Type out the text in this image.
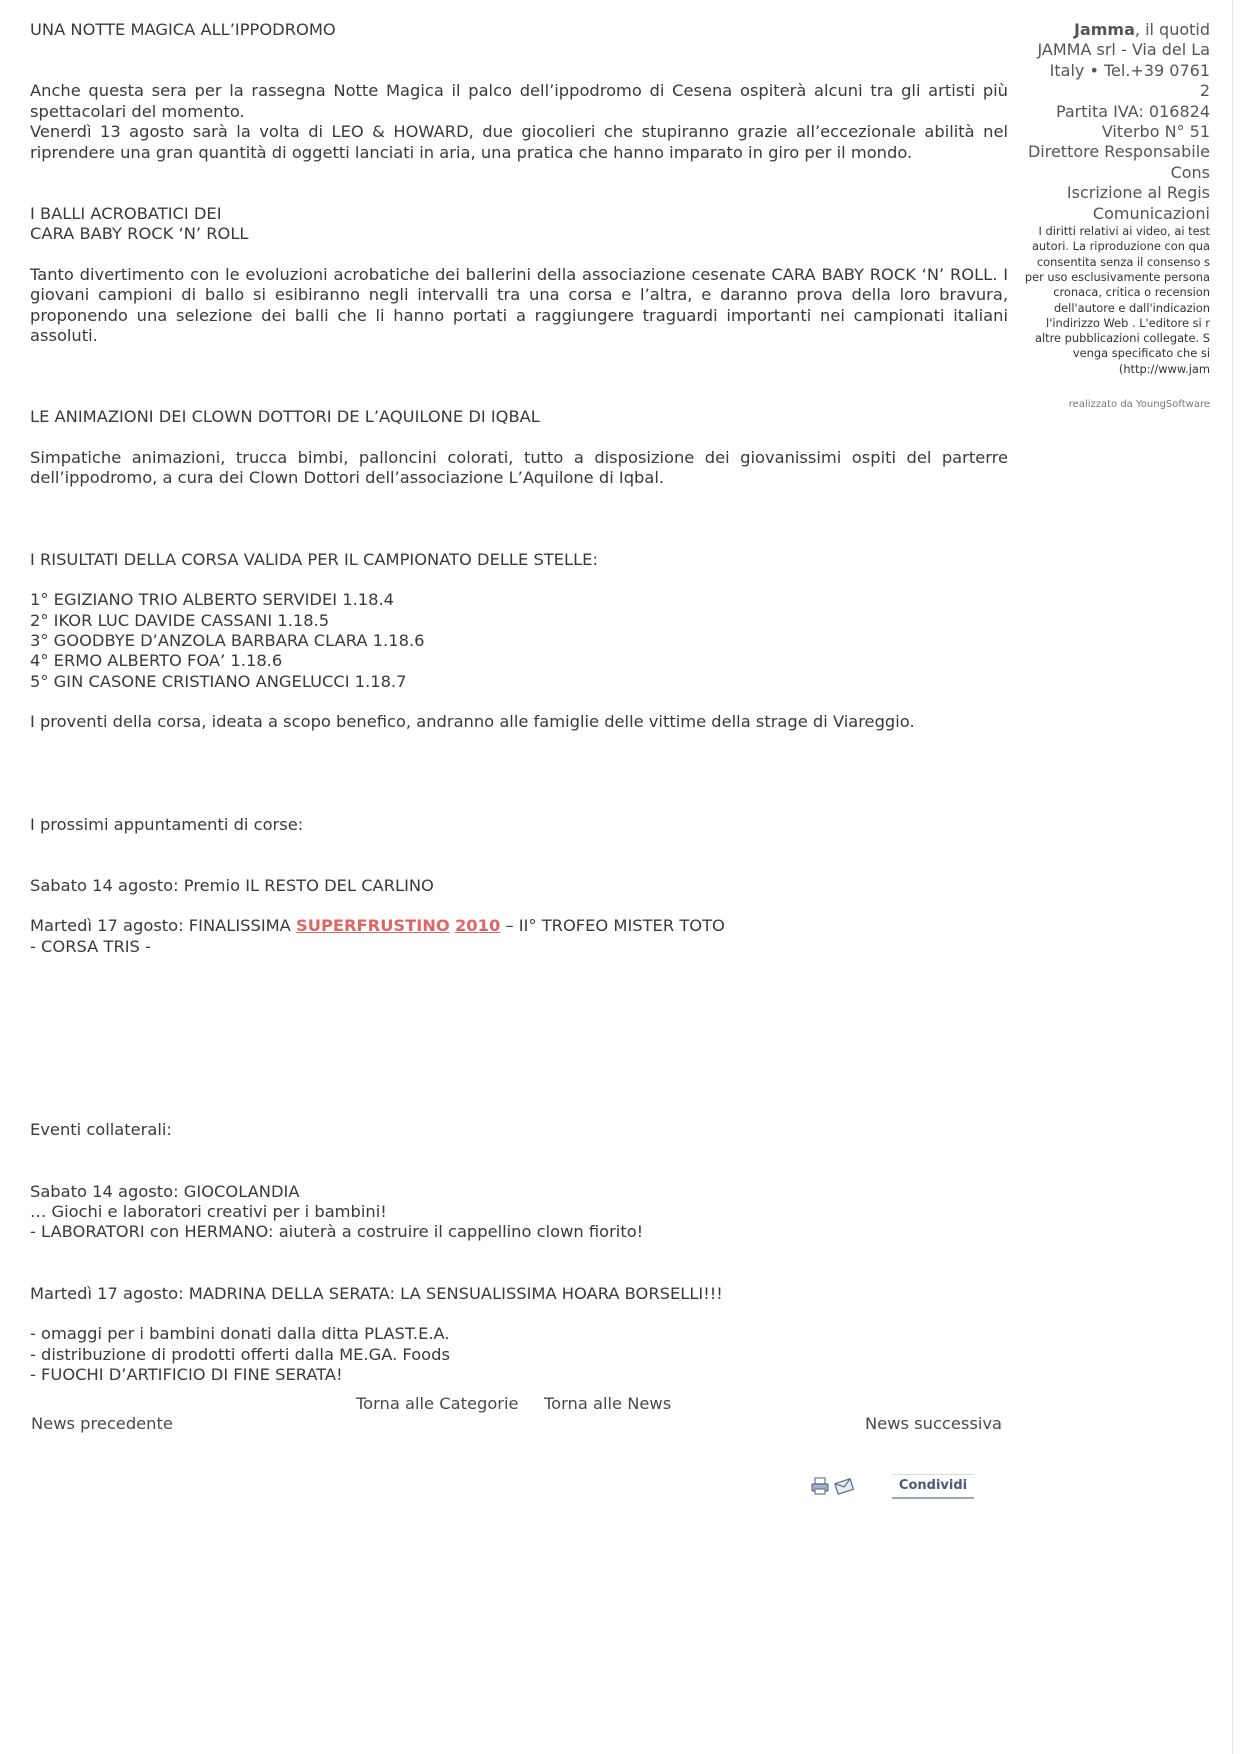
UNA NOTTE MAGICA ALL’IPPODROMO

Anche questa sera per la rassegna Notte Magica il palco dell’ippodromo di Cesena ospiterà alcuni tra gli artisti più spettacolari del momento.

Venerdì 13 agosto sarà la volta di LEO & HOWARD, due giocolieri che stupiranno grazie all’eccezionale abilità nel riprendere una gran quantità di oggetti lanciati in aria, una pratica che hanno imparato in giro per il mondo.

I BALLI ACROBATICI DEI

CARA BABY ROCK ‘N’ ROLL

Tanto divertimento con le evoluzioni acrobatiche dei ballerini della associazione cesenate CARA BABY ROCK ‘N’ ROLL. I giovani campioni di ballo si esibiranno negli intervalli tra una corsa e l’altra, e daranno prova della loro bravura, proponendo una selezione dei balli che li hanno portati a raggiungere traguardi importanti nei campionati italiani assoluti.

LE ANIMAZIONI DEI CLOWN DOTTORI DE L’AQUILONE DI IQBAL

Simpatiche animazioni, trucca bimbi, palloncini colorati, tutto a disposizione dei giovanissimi ospiti del parterre dell’ippodromo, a cura dei Clown Dottori dell’associazione L’Aquilone di Iqbal.

I RISULTATI DELLA CORSA VALIDA PER IL CAMPIONATO DELLE STELLE:

1° EGIZIANO TRIO ALBERTO SERVIDEI 1.18.4

2° IKOR LUC DAVIDE CASSANI 1.18.5

3° GOODBYE D’ANZOLA BARBARA CLARA 1.18.6

4° ERMO ALBERTO FOA’ 1.18.6

5° GIN CASONE CRISTIANO ANGELUCCI 1.18.7

I proventi della corsa, ideata a scopo benefico, andranno alle famiglie delle vittime della strage di Viareggio.

I prossimi appuntamenti di corse:

Sabato 14 agosto: Premio IL RESTO DEL CARLINO

Martedì 17 agosto: FINALISSIMA SUPERFRUSTINO 2010 – II° TROFEO MISTER TOTO

- CORSA TRIS -

Eventi collaterali:

Sabato 14 agosto: GIOCOLANDIA

… Giochi e laboratori creativi per i bambini!

- LABORATORI con HERMANO: aiuterà a costruire il cappellino clown fiorito!

Martedì 17 agosto: MADRINA DELLA SERATA: LA SENSUALISSIMA HOARA BORSELLI!!!

- omaggi per i bambini donati dalla ditta PLAST.E.A.

- distribuzione di prodotti offerti dalla ME.GA. Foods

- FUOCHI D’ARTIFICIO DI FINE SERATA!

Torna alle Categorie Torna alle News
News precedente	News successiva
Condividi
Jamma, il quotid
JAMMA srl - Via del La
Italy • Tel.+39 0761
2
Partita IVA: 016824
Viterbo N° 51
Direttore Responsabile
Cons
Iscrizione al Regis
Comunicazioni
I diritti relativi ai video, ai test
autori. La riproduzione con qua
consentita senza il consenso s
per uso esclusivamente persona
cronaca, critica o recension
dell'autore e dall'indicazion
l'indirizzo Web . L'editore si r
altre pubblicazioni collegate. S
venga specificato che si
(http://www.jam
realizzato da YoungSoftware
